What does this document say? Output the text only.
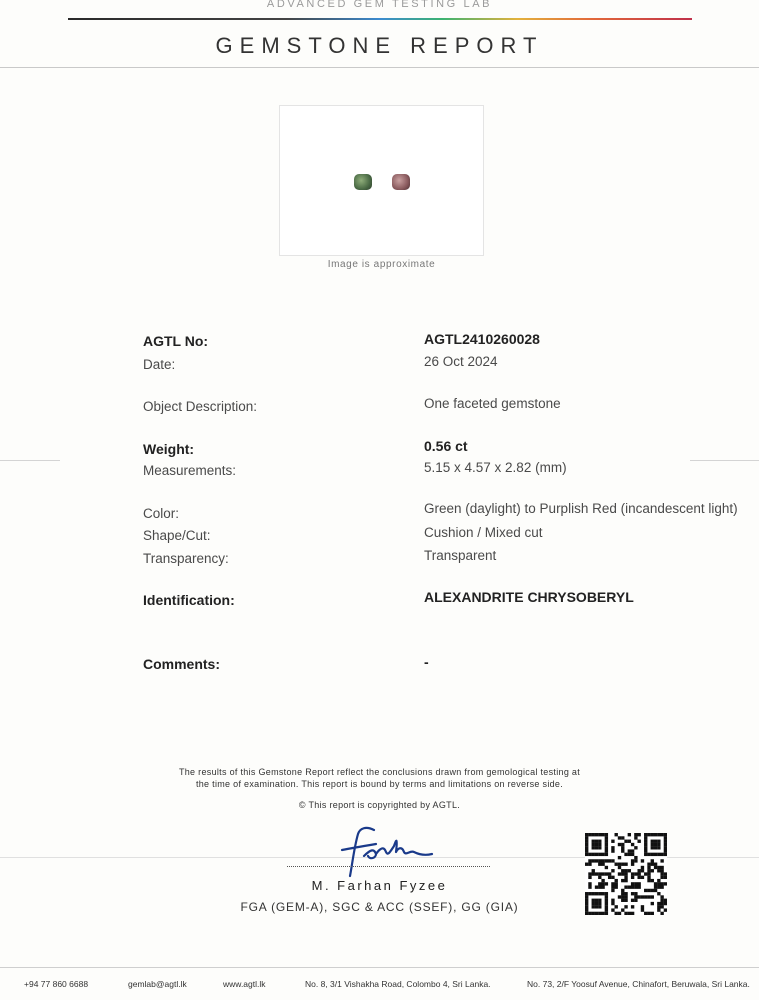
ADVANCED GEM TESTING LAB
GEMSTONE REPORT
Image is approximate
AGTL No:	AGTL2410260028
Date:	26 Oct 2024
Object Description:	One faceted gemstone
Weight:	0.56 ct
Measurements:	5.15 x 4.57 x 2.82 (mm)
Color:	Green (daylight) to Purplish Red (incandescent light)
Shape/Cut:	Cushion / Mixed cut
Transparency:	Transparent
Identification:	ALEXANDRITE CHRYSOBERYL
Comments:	-
The results of this Gemstone Report reflect the conclusions drawn from gemological testing at
the time of examination. This report is bound by terms and limitations on reverse side.
© This report is copyrighted by AGTL.
M. Farhan Fyzee
FGA (GEM-A), SGC & ACC (SSEF), GG (GIA)
+94 77 860 6688	gemlab@agtl.lk	www.agtl.lk	No. 8, 3/1 Vishakha Road, Colombo 4, Sri Lanka.	No. 73, 2/F Yoosuf Avenue, Chinafort, Beruwala, Sri Lanka.
